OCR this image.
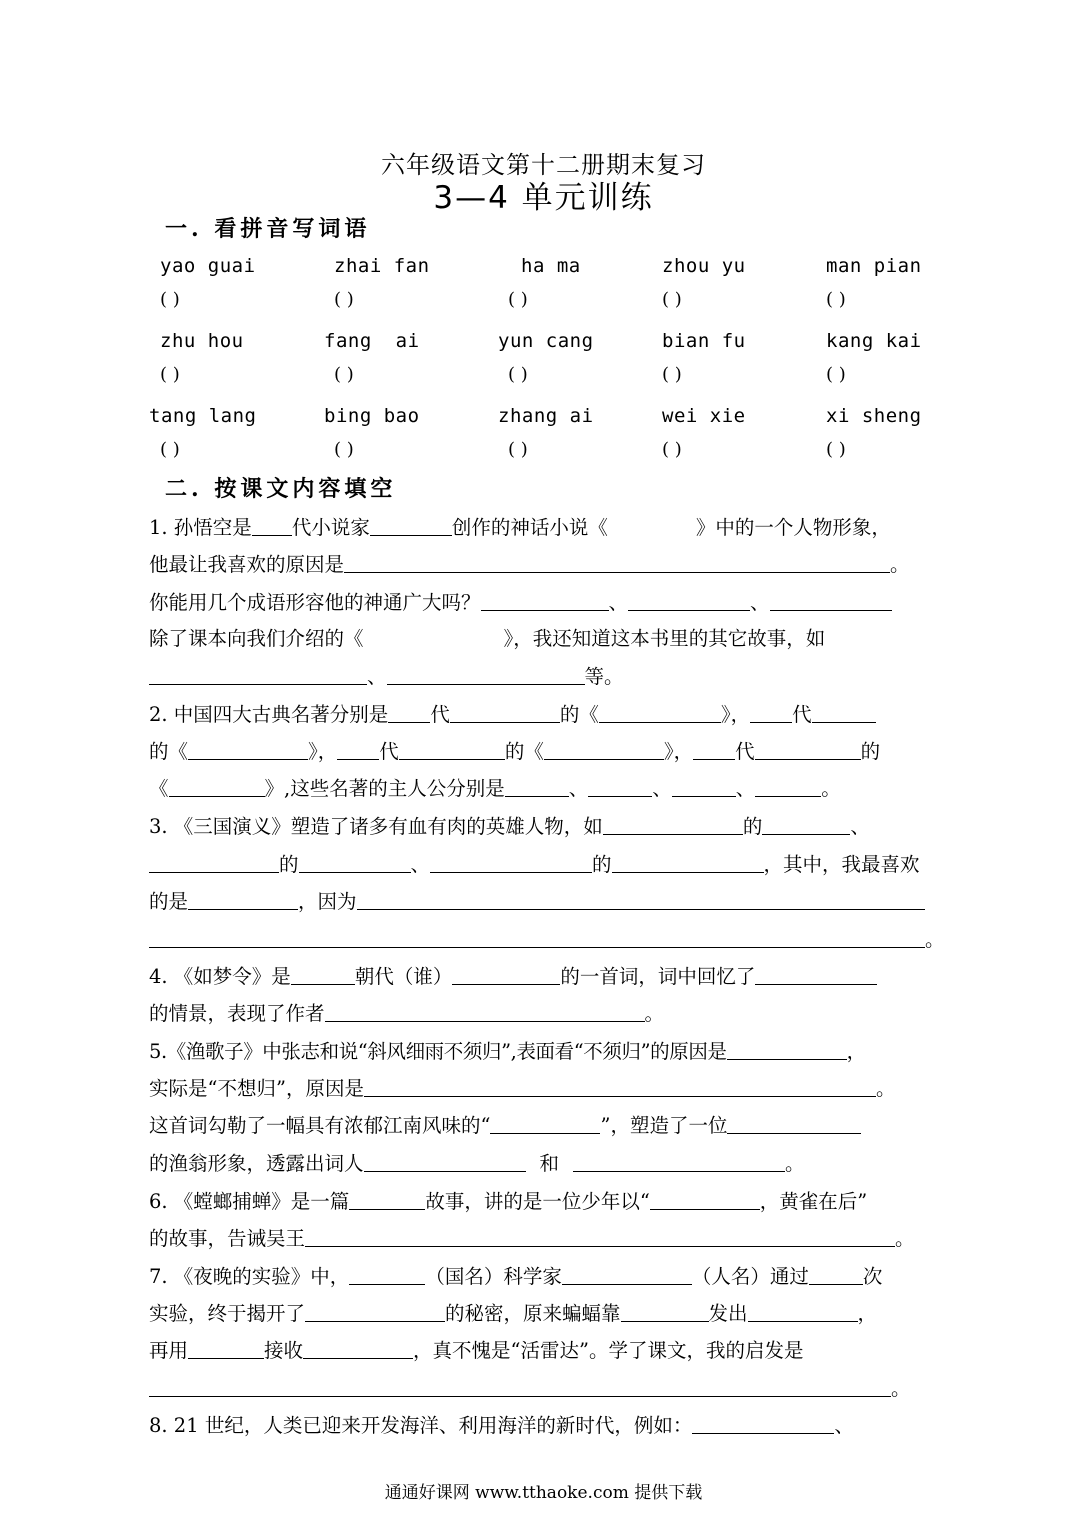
六年级语文第十二册期末复习
3—4 单元训练
一. 看拼音写词语
yao guai	zhai fan	ha ma	zhou yu	man pian
( )	( )	( )	( )	( )
zhu hou	fang  ai	yun cang	bian fu	kang kai
( )	( )	( )	( )	( )
tang lang	bing bao	zhang ai	wei xie	xi sheng
( )	( )	( )	( )	( )
二. 按课文内容填空
1. 孙悟空是 代小说家	创作的神话小说《	》中的一个人物形象，
他最让我喜欢的原因是	。
你能用几个成语形容他的神通广大吗？	、	、
除了课本向我们介绍的《	》，我还知道这本书里的其它故事，如
、	等。
2. 中国四大古典名著分别是 代	的《	》， 代
的《	》， 代	的《	》， 代	的
《	》,这些名著的主人公分别是	、	、	、	。
3. 《三国演义》塑造了诸多有血有肉的英雄人物，如	的	、
的	、	的	，其中，我最喜欢
的是	，因为
。
4. 《如梦令》是	朝代（谁）	的一首词，词中回忆了
的情景，表现了作者	。
5.《渔歌子》中张志和说“斜风细雨不须归”,表面看“不须归”的原因是	，
实际是“不想归”，原因是	。
这首词勾勒了一幅具有浓郁江南风味的“	”，塑造了一位
的渔翁形象，透露出词人	和	。
6. 《螳螂捕蝉》是一篇	故事，讲的是一位少年以“	，黄雀在后”
的故事，告诫吴王	。
7. 《夜晚的实验》中，	（国名）科学家	（人名）通过	次
实验，终于揭开了	的秘密，原来蝙蝠靠	发出	，
再用	接收	，真不愧是“活雷达”。学了课文，我的启发是
。
8. 21 世纪，人类已迎来开发海洋、利用海洋的新时代，例如：	、
通通好课网 www.tthaoke.com 提供下载
